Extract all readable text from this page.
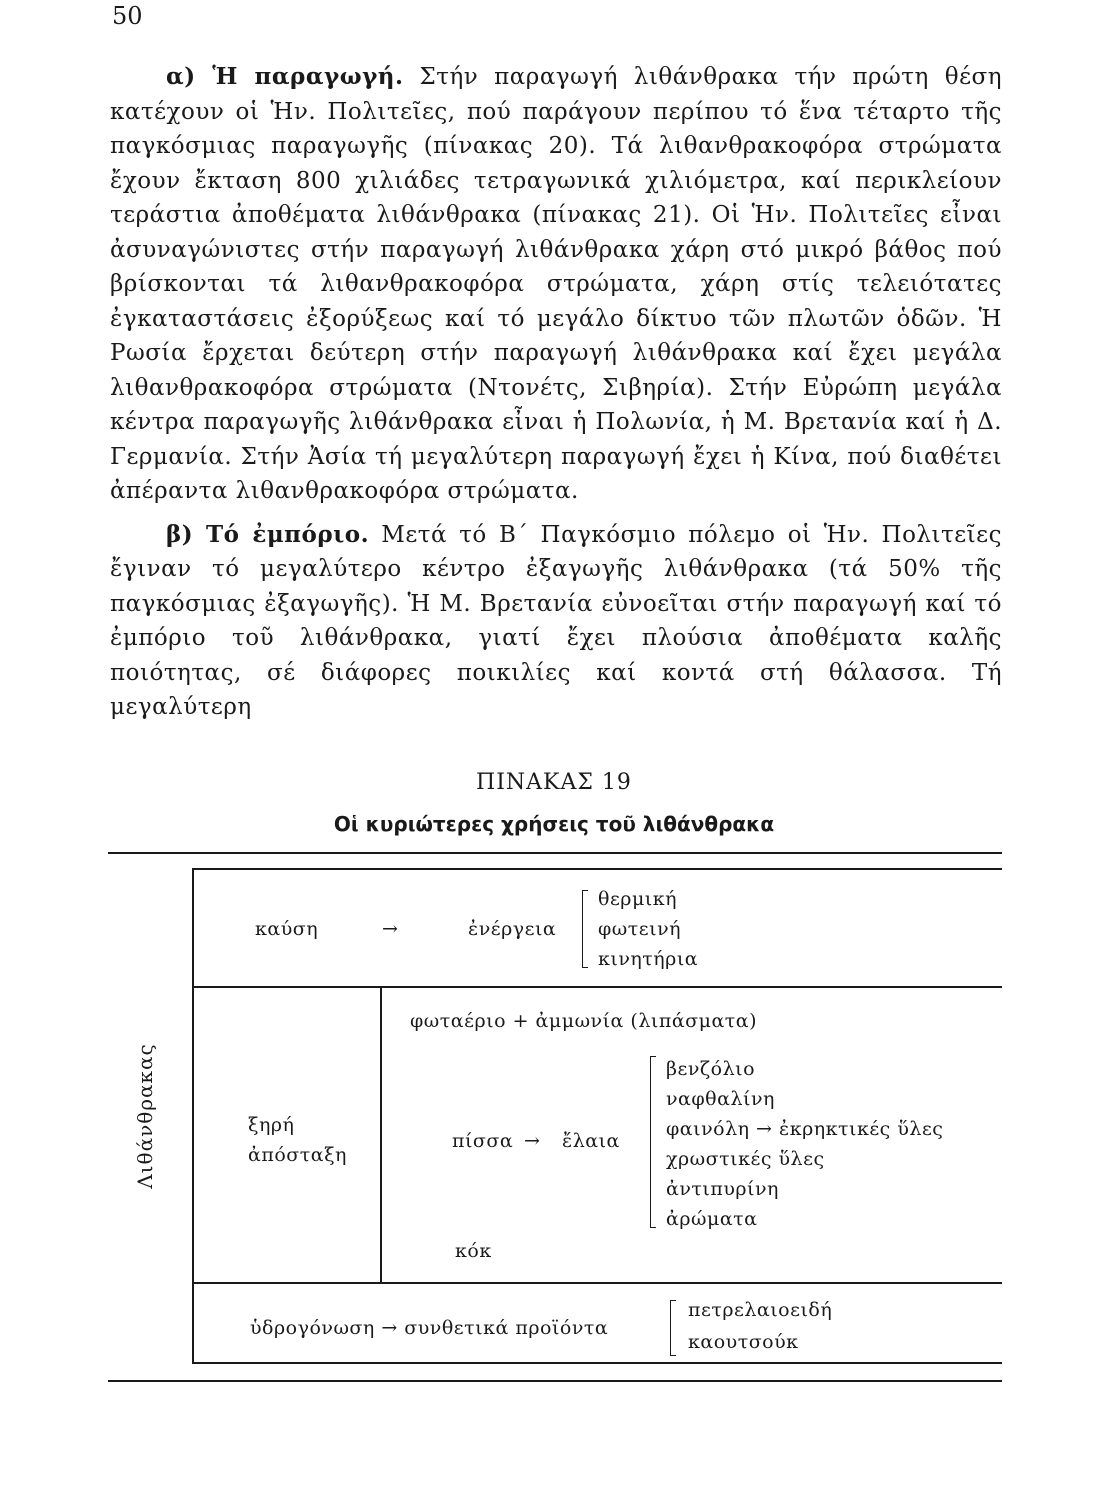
50

α) Ἡ παραγωγή. Στήν παραγωγή λιθάνθρακα τήν πρώτη θέση κατέχουν οἱ Ἡν. Πολιτεῖες, πού παράγουν περίπου τό ἕνα τέταρτο τῆς παγκόσμιας παραγωγῆς (πίνακας 20). Τά λιθανθρακοφόρα στρώματα ἔχουν ἔκταση 800 χιλιάδες τετραγωνικά χιλιόμετρα, καί περικλείουν τεράστια ἀποθέματα λιθάνθρακα (πίνακας 21). Οἱ Ἡν. Πολιτεῖες εἶναι ἀσυναγώνιστες στήν παραγωγή λιθάνθρακα χάρη στό μικρό βάθος πού βρίσκονται τά λιθανθρακοφόρα στρώματα, χάρη στίς τελειότατες ἐγκαταστάσεις ἐξορύξεως καί τό μεγάλο δίκτυο τῶν πλωτῶν ὁδῶν. Ἡ Ρωσία ἔρχεται δεύτερη στήν παραγωγή λιθάνθρακα καί ἔχει μεγάλα λιθανθρακοφόρα στρώματα (Ντονέτς, Σιβηρία). Στήν Εὐρώπη μεγάλα κέντρα παραγωγῆς λιθάνθρακα εἶναι ἡ Πολωνία, ἡ Μ. Βρετανία καί ἡ Δ. Γερμανία. Στήν Ἀσία τή μεγαλύτερη παραγωγή ἔχει ἡ Κίνα, πού διαθέτει ἀπέραντα λιθανθρακοφόρα στρώματα.

β) Τό ἐμπόριο. Μετά τό Β΄ Παγκόσμιο πόλεμο οἱ Ἡν. Πολιτεῖες ἔγιναν τό μεγαλύτερο κέντρο ἐξαγωγῆς λιθάνθρακα (τά 50% τῆς παγκόσμιας ἐξαγωγῆς). Ἡ Μ. Βρετανία εὐνοεῖται στήν παραγωγή καί τό ἐμπόριο τοῦ λιθάνθρακα, γιατί ἔχει πλούσια ἀποθέματα καλῆς ποιότητας, σέ διάφορες ποικιλίες καί κοντά στή θάλασσα. Τή μεγαλύτερη

ΠΙΝΑΚΑΣ 19
Οἱ κυριώτερες χρήσεις τοῦ λιθάνθρακα
Λιθάνθρακας
καύση	→	ἐνέργεια
θερμική
φωτεινή
κινητήρια
ξηρή
ἀπόσταξη
φωταέριο + ἀμμωνία (λιπάσματα)
πίσσα → ἔλαια
βενζόλιο
ναφθαλίνη
φαινόλη → ἐκρηκτικές ὕλες
χρωστικές ὕλες
ἀντιπυρίνη
ἀρώματα
κόκ
ὑδρογόνωση → συνθετικά προϊόντα
πετρελαιοειδή
καουτσούκ
